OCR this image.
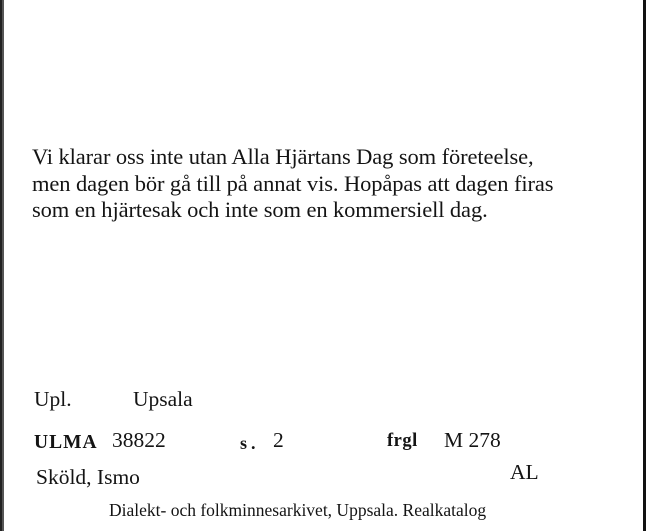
Vi klarar oss inte utan Alla Hjärtans Dag som företeelse,
men dagen bör gå till på annat vis. Hopåpas att dagen firas
som en hjärtesak och inte som en kommersiell dag.
Upl.	Upsala
ULMA 38822	s. 2	frgl M 278
Sköld, Ismo	AL
Dialekt- och folkminnesarkivet, Uppsala. Realkatalog
